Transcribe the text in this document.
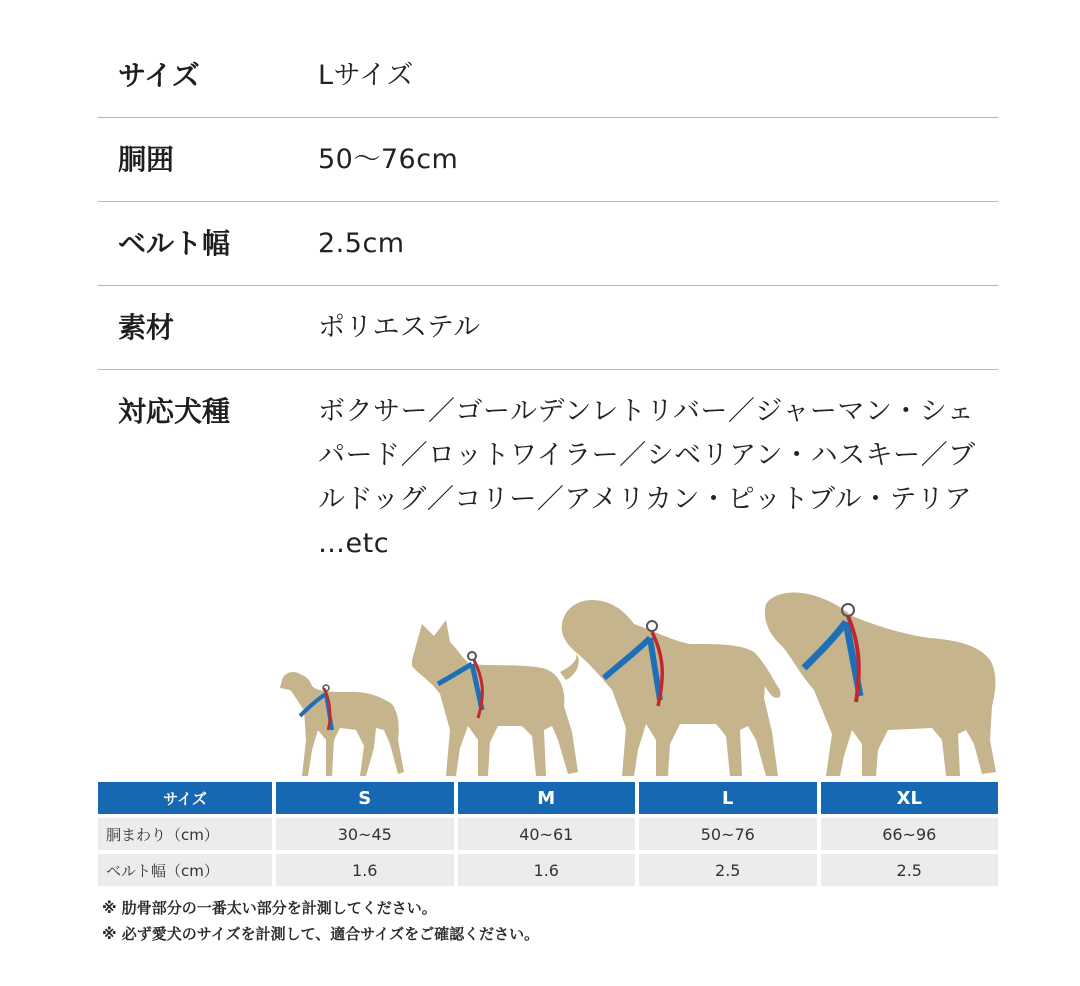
サイズ	Lサイズ
胴囲	50〜76cm
ベルト幅	2.5cm
素材	ポリエステル
対応犬種	ボクサー／ゴールデンレトリバー／ジャーマン・シェパード／ロットワイラー／シベリアン・ハスキー／ブルドッグ／コリー／アメリカン・ピットブル・テリア …etc
サイズ	S	M	L	XL
胴まわり（cm）	30~45	40~61	50~76	66~96
ベルト幅（cm）	1.6	1.6	2.5	2.5
※ 肋骨部分の一番太い部分を計測してください。
※ 必ず愛犬のサイズを計測して、適合サイズをご確認ください。
